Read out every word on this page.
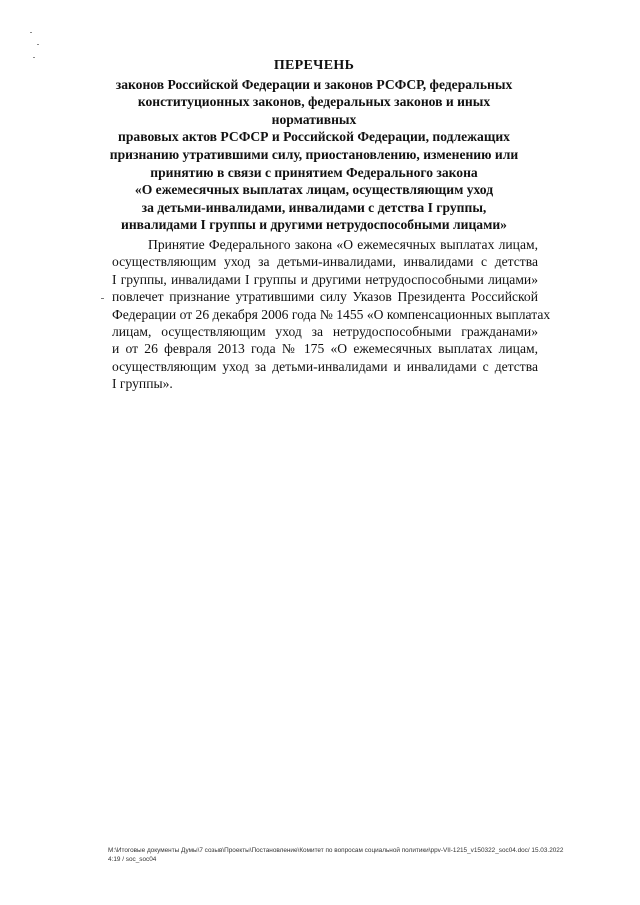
ПЕРЕЧЕНЬ
законов Российской Федерации и законов РСФСР, федеральных
конституционных законов, федеральных законов и иных нормативных
правовых актов РСФСР и Российской Федерации, подлежащих
признанию утратившими силу, приостановлению, изменению или
принятию в связи с принятием Федерального закона
«О ежемесячных выплатах лицам, осуществляющим уход
за детьми-инвалидами, инвалидами с детства I группы,
инвалидами I группы и другими нетрудоспособными лицами»
Принятие Федерального закона «О ежемесячных выплатах лицам,
осуществляющим уход за детьми-инвалидами, инвалидами с детства
I группы, инвалидами I группы и другими нетрудоспособными лицами»
повлечет признание утратившими силу Указов Президента Российской
Федерации от 26 декабря 2006 года № 1455 «О компенсационных выплатах
лицам, осуществляющим уход за нетрудоспособными гражданами»
и от 26 февраля 2013 года № 175 «О ежемесячных выплатах лицам,
осуществляющим уход за детьми-инвалидами и инвалидами с детства
I группы».
M:\Итоговые документы Думы\7 созыв\Проекты\Постановление\Комитет по вопросам социальной политики\ppv-VII-1215_v150322_soc04.doc/ 15.03.2022
4:19 / soc_soc04
